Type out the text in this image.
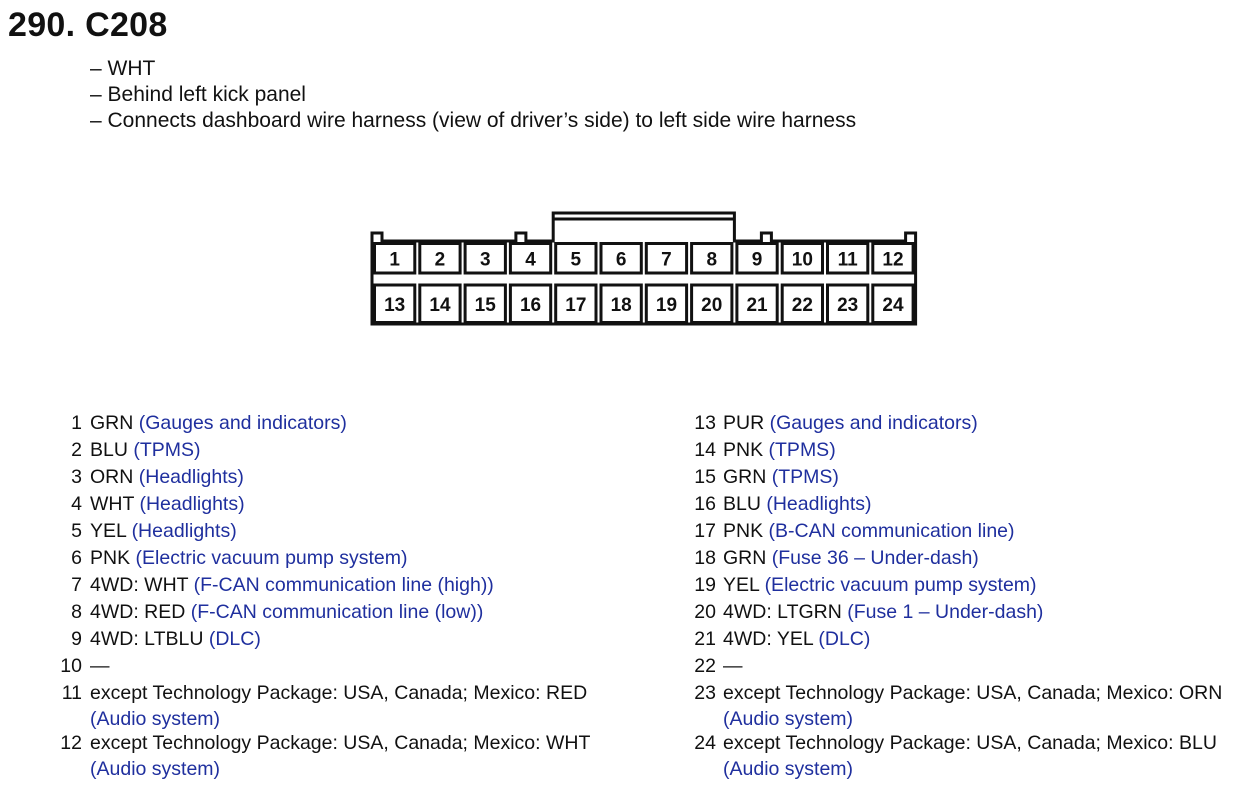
290. C208
– WHT
– Behind left kick panel
– Connects dashboard wire harness (view of driver’s side) to left side wire harness
1 2 3 4 5 6 7 8 9 10 11 12
13 14 15 16 17 18 19 20 21 22 23 24
1 GRN (Gauges and indicators)
2 BLU (TPMS)
3 ORN (Headlights)
4 WHT (Headlights)
5 YEL (Headlights)
6 PNK (Electric vacuum pump system)
7 4WD: WHT (F-CAN communication line (high))
8 4WD: RED (F-CAN communication line (low))
9 4WD: LTBLU (DLC)
10 —
11 except Technology Package: USA, Canada; Mexico: RED
(Audio system)
12 except Technology Package: USA, Canada; Mexico: WHT
(Audio system)
13 PUR (Gauges and indicators)
14 PNK (TPMS)
15 GRN (TPMS)
16 BLU (Headlights)
17 PNK (B-CAN communication line)
18 GRN (Fuse 36 – Under-dash)
19 YEL (Electric vacuum pump system)
20 4WD: LTGRN (Fuse 1 – Under-dash)
21 4WD: YEL (DLC)
22 —
23 except Technology Package: USA, Canada; Mexico: ORN
(Audio system)
24 except Technology Package: USA, Canada; Mexico: BLU
(Audio system)
